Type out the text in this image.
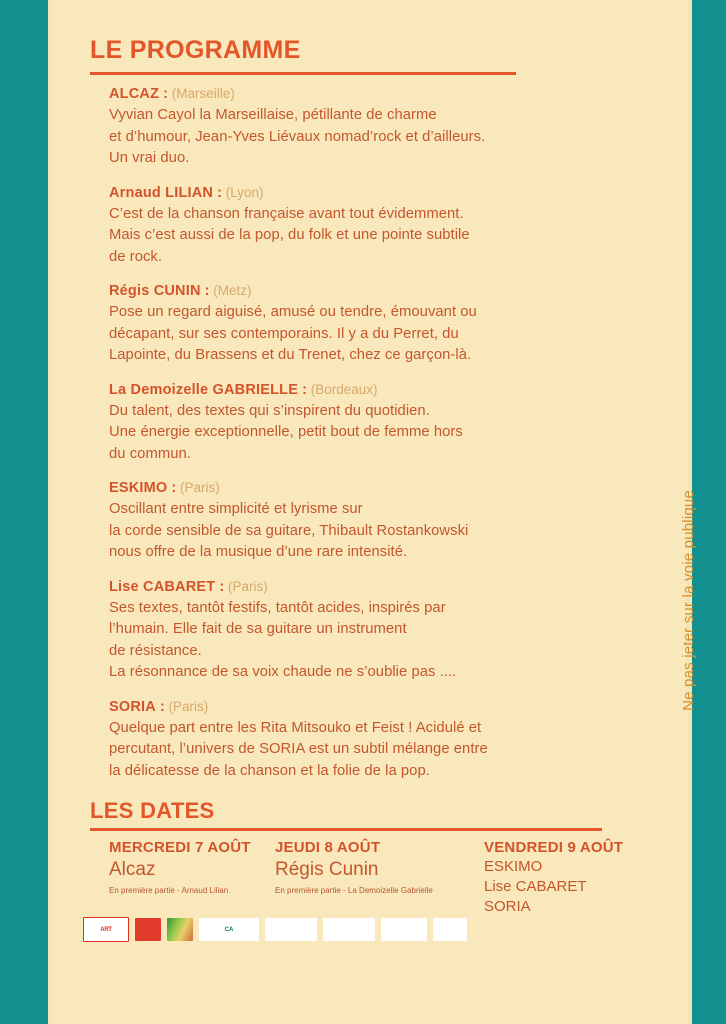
LE PROGRAMME
ALCAZ : (Marseille)
Vyvian Cayol la Marseillaise, pétillante de charme
et d’humour, Jean-Yves Liévaux nomad’rock et d’ailleurs.
Un vrai duo.
Arnaud LILIAN : (Lyon)
C’est de la chanson française avant tout évidemment.
Mais c’est aussi de la pop, du folk et une pointe subtile
de rock.
Régis CUNIN : (Metz)
Pose un regard aiguisé, amusé ou tendre, émouvant ou
décapant, sur ses contemporains. Il y a du Perret, du
Lapointe, du Brassens et du Trenet, chez ce garçon-là.
La Demoizelle GABRIELLE : (Bordeaux)
Du talent, des textes qui s’inspirent du quotidien.
Une énergie exceptionnelle, petit bout de femme hors
du commun.
ESKIMO : (Paris)
Oscillant entre simplicité et lyrisme sur
la corde sensible de sa guitare, Thibault Rostankowski
nous offre de la musique d’une rare intensité.
Lise CABARET : (Paris)
Ses textes, tantôt festifs, tantôt acides, inspirés par
l’humain. Elle fait de sa guitare un instrument
de résistance.
La résonnance de sa voix chaude ne s’oublie pas ....
SORIA : (Paris)
Quelque part entre les Rita Mitsouko et Feist ! Acidulé et
percutant, l’univers de SORIA est un subtil mélange entre
la délicatesse de la chanson et la folie de la pop.
LES DATES
MERCREDI 7 AOÛT
Alcaz
En première partie - Arnaud Lilian
JEUDI 8 AOÛT
Régis Cunin
En première partie - La Demoizelle Gabrielle
VENDREDI 9 AOÛT
ESKIMO
Lise CABARET
SORIA
Ne pas jeter sur la voie publique
ART	CA
